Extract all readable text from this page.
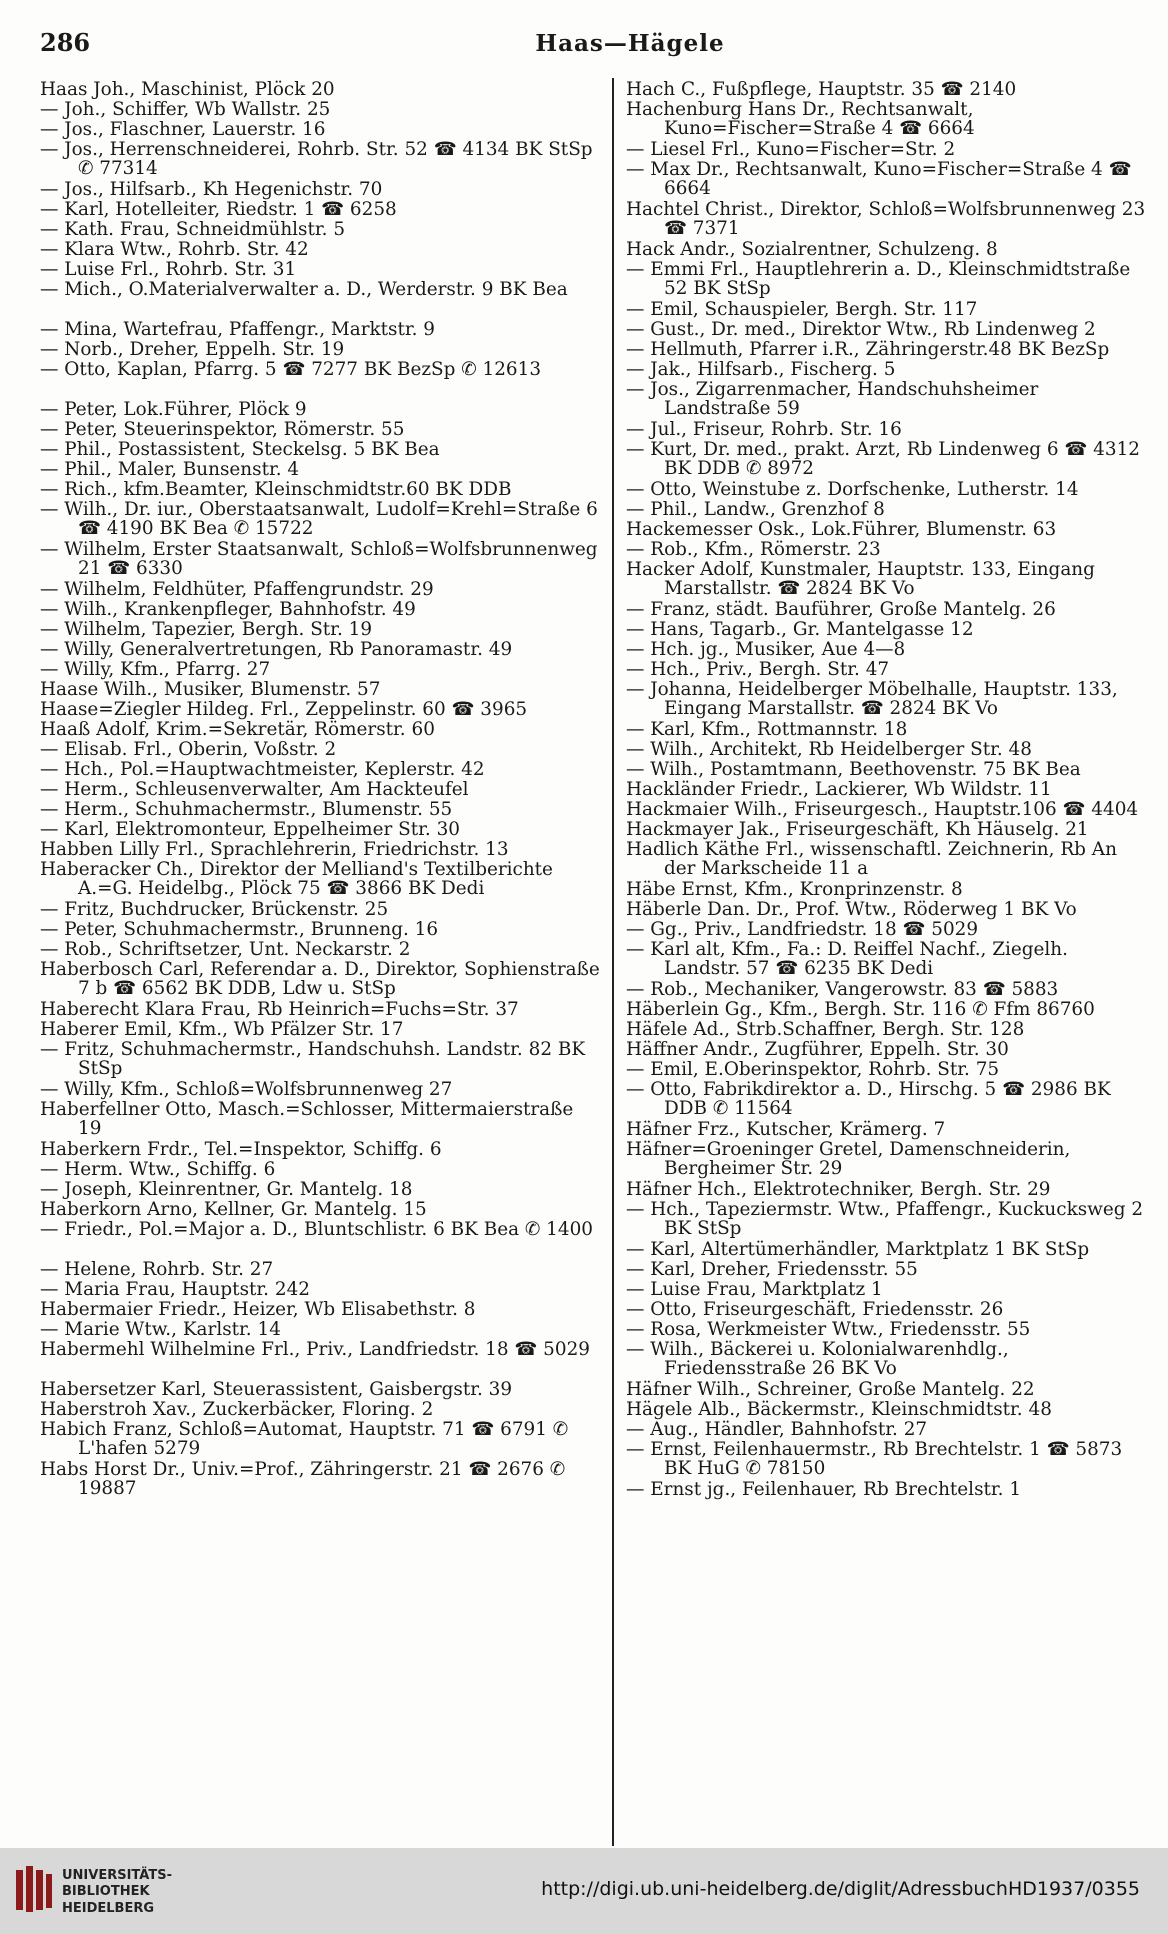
286	Haas—Hägele
Haas Joh., Maschinist, Plöck 20
— Joh., Schiffer, Wb Wallstr. 25
— Jos., Flaschner, Lauerstr. 16
— Jos., Herrenschneiderei, Rohrb. Str. 52 ☎ 4134 BK StSp ✆ 77314
— Jos., Hilfsarb., Kh Hegenichstr. 70
— Karl, Hotelleiter, Riedstr. 1 ☎ 6258
— Kath. Frau, Schneidmühlstr. 5
— Klara Wtw., Rohrb. Str. 42
— Luise Frl., Rohrb. Str. 31
— Mich., O.Materialverwalter a. D., Werderstr. 9 BK Bea
— Mina, Wartefrau, Pfaffengr., Marktstr. 9
— Norb., Dreher, Eppelh. Str. 19
— Otto, Kaplan, Pfarrg. 5 ☎ 7277 BK BezSp ✆ 12613
— Peter, Lok.Führer, Plöck 9
— Peter, Steuerinspektor, Römerstr. 55
— Phil., Postassistent, Steckelsg. 5 BK Bea
— Phil., Maler, Bunsenstr. 4
— Rich., kfm.Beamter, Kleinschmidtstr.60 BK DDB
— Wilh., Dr. iur., Oberstaatsanwalt, Ludolf=Krehl=Straße 6 ☎ 4190 BK Bea ✆ 15722
— Wilhelm, Erster Staatsanwalt, Schloß=Wolfsbrunnenweg 21 ☎ 6330
— Wilhelm, Feldhüter, Pfaffengrundstr. 29
— Wilh., Krankenpfleger, Bahnhofstr. 49
— Wilhelm, Tapezier, Bergh. Str. 19
— Willy, Generalvertretungen, Rb Panoramastr. 49
— Willy, Kfm., Pfarrg. 27
Haase Wilh., Musiker, Blumenstr. 57
Haase=Ziegler Hildeg. Frl., Zeppelinstr. 60 ☎ 3965
Haaß Adolf, Krim.=Sekretär, Römerstr. 60
— Elisab. Frl., Oberin, Voßstr. 2
— Hch., Pol.=Hauptwachtmeister, Keplerstr. 42
— Herm., Schleusenverwalter, Am Hackteufel
— Herm., Schuhmachermstr., Blumenstr. 55
— Karl, Elektromonteur, Eppelheimer Str. 30
Habben Lilly Frl., Sprachlehrerin, Friedrichstr. 13
Haberacker Ch., Direktor der Melliand's Textilberichte A.=G. Heidelbg., Plöck 75 ☎ 3866 BK Dedi
— Fritz, Buchdrucker, Brückenstr. 25
— Peter, Schuhmachermstr., Brunneng. 16
— Rob., Schriftsetzer, Unt. Neckarstr. 2
Haberbosch Carl, Referendar a. D., Direktor, Sophienstraße 7 b ☎ 6562 BK DDB, Ldw u. StSp
Haberecht Klara Frau, Rb Heinrich=Fuchs=Str. 37
Haberer Emil, Kfm., Wb Pfälzer Str. 17
— Fritz, Schuhmachermstr., Handschuhsh. Landstr. 82 BK StSp
— Willy, Kfm., Schloß=Wolfsbrunnenweg 27
Haberfellner Otto, Masch.=Schlosser, Mittermaierstraße 19
Haberkern Frdr., Tel.=Inspektor, Schiffg. 6
— Herm. Wtw., Schiffg. 6
— Joseph, Kleinrentner, Gr. Mantelg. 18
Haberkorn Arno, Kellner, Gr. Mantelg. 15
— Friedr., Pol.=Major a. D., Bluntschlistr. 6 BK Bea ✆ 1400
— Helene, Rohrb. Str. 27
— Maria Frau, Hauptstr. 242
Habermaier Friedr., Heizer, Wb Elisabethstr. 8
— Marie Wtw., Karlstr. 14
Habermehl Wilhelmine Frl., Priv., Landfriedstr. 18 ☎ 5029
Habersetzer Karl, Steuerassistent, Gaisbergstr. 39
Haberstroh Xav., Zuckerbäcker, Floring. 2
Habich Franz, Schloß=Automat, Hauptstr. 71 ☎ 6791 ✆ L'hafen 5279
Habs Horst Dr., Univ.=Prof., Zähringerstr. 21 ☎ 2676 ✆ 19887
Hach C., Fußpflege, Hauptstr. 35 ☎ 2140
Hachenburg Hans Dr., Rechtsanwalt, Kuno=Fischer=Straße 4 ☎ 6664
— Liesel Frl., Kuno=Fischer=Str. 2
— Max Dr., Rechtsanwalt, Kuno=Fischer=Straße 4 ☎ 6664
Hachtel Christ., Direktor, Schloß=Wolfsbrunnenweg 23 ☎ 7371
Hack Andr., Sozialrentner, Schulzeng. 8
— Emmi Frl., Hauptlehrerin a. D., Kleinschmidtstraße 52 BK StSp
— Emil, Schauspieler, Bergh. Str. 117
— Gust., Dr. med., Direktor Wtw., Rb Lindenweg 2
— Hellmuth, Pfarrer i.R., Zähringerstr.48 BK BezSp
— Jak., Hilfsarb., Fischerg. 5
— Jos., Zigarrenmacher, Handschuhsheimer Landstraße 59
— Jul., Friseur, Rohrb. Str. 16
— Kurt, Dr. med., prakt. Arzt, Rb Lindenweg 6 ☎ 4312 BK DDB ✆ 8972
— Otto, Weinstube z. Dorfschenke, Lutherstr. 14
— Phil., Landw., Grenzhof 8
Hackemesser Osk., Lok.Führer, Blumenstr. 63
— Rob., Kfm., Römerstr. 23
Hacker Adolf, Kunstmaler, Hauptstr. 133, Eingang Marstallstr. ☎ 2824 BK Vo
— Franz, städt. Bauführer, Große Mantelg. 26
— Hans, Tagarb., Gr. Mantelgasse 12
— Hch. jg., Musiker, Aue 4—8
— Hch., Priv., Bergh. Str. 47
— Johanna, Heidelberger Möbelhalle, Hauptstr. 133, Eingang Marstallstr. ☎ 2824 BK Vo
— Karl, Kfm., Rottmannstr. 18
— Wilh., Architekt, Rb Heidelberger Str. 48
— Wilh., Postamtmann, Beethovenstr. 75 BK Bea
Hackländer Friedr., Lackierer, Wb Wildstr. 11
Hackmaier Wilh., Friseurgesch., Hauptstr.106 ☎ 4404
Hackmayer Jak., Friseurgeschäft, Kh Häuselg. 21
Hadlich Käthe Frl., wissenschaftl. Zeichnerin, Rb An der Markscheide 11 a
Häbe Ernst, Kfm., Kronprinzenstr. 8
Häberle Dan. Dr., Prof. Wtw., Röderweg 1 BK Vo
— Gg., Priv., Landfriedstr. 18 ☎ 5029
— Karl alt, Kfm., Fa.: D. Reiffel Nachf., Ziegelh. Landstr. 57 ☎ 6235 BK Dedi
— Rob., Mechaniker, Vangerowstr. 83 ☎ 5883
Häberlein Gg., Kfm., Bergh. Str. 116 ✆ Ffm 86760
Häfele Ad., Strb.Schaffner, Bergh. Str. 128
Häffner Andr., Zugführer, Eppelh. Str. 30
— Emil, E.Oberinspektor, Rohrb. Str. 75
— Otto, Fabrikdirektor a. D., Hirschg. 5 ☎ 2986 BK DDB ✆ 11564
Häfner Frz., Kutscher, Krämerg. 7
Häfner=Groeninger Gretel, Damenschneiderin, Bergheimer Str. 29
Häfner Hch., Elektrotechniker, Bergh. Str. 29
— Hch., Tapeziermstr. Wtw., Pfaffengr., Kuckucksweg 2 BK StSp
— Karl, Altertümerhändler, Marktplatz 1 BK StSp
— Karl, Dreher, Friedensstr. 55
— Luise Frau, Marktplatz 1
— Otto, Friseurgeschäft, Friedensstr. 26
— Rosa, Werkmeister Wtw., Friedensstr. 55
— Wilh., Bäckerei u. Kolonialwarenhdlg., Friedensstraße 26 BK Vo
Häfner Wilh., Schreiner, Große Mantelg. 22
Hägele Alb., Bäckermstr., Kleinschmidtstr. 48
— Aug., Händler, Bahnhofstr. 27
— Ernst, Feilenhauermstr., Rb Brechtelstr. 1 ☎ 5873 BK HuG ✆ 78150
— Ernst jg., Feilenhauer, Rb Brechtelstr. 1
UNIVERSITÄTS-
BIBLIOTHEK
HEIDELBERG
http://digi.ub.uni-heidelberg.de/diglit/AdressbuchHD1937/0355
